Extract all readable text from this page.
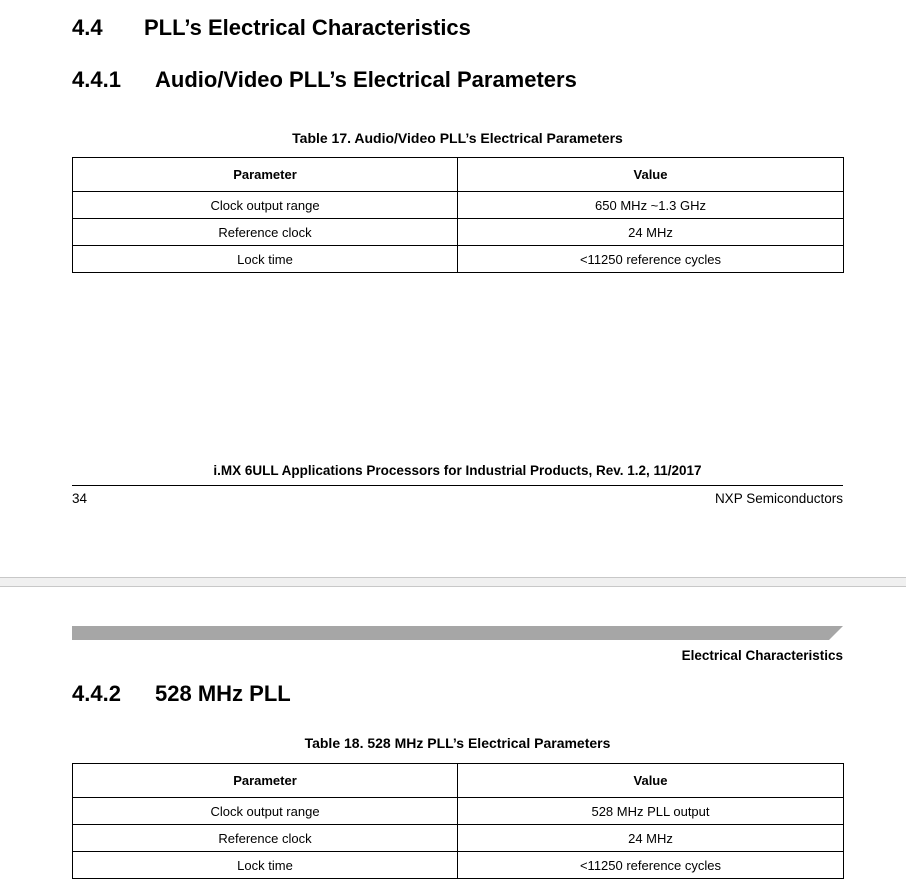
4.4 PLL’s Electrical Characteristics
4.4.1 Audio/Video PLL’s Electrical Parameters
Table 17. Audio/Video PLL’s Electrical Parameters
Parameter	Value
Clock output range	650 MHz ~1.3 GHz
Reference clock	24 MHz
Lock time	<11250 reference cycles
i.MX 6ULL Applications Processors for Industrial Products, Rev. 1.2, 11/2017
34	NXP Semiconductors
Electrical Characteristics
4.4.2 528 MHz PLL
Table 18. 528 MHz PLL’s Electrical Parameters
Parameter	Value
Clock output range	528 MHz PLL output
Reference clock	24 MHz
Lock time	<11250 reference cycles
